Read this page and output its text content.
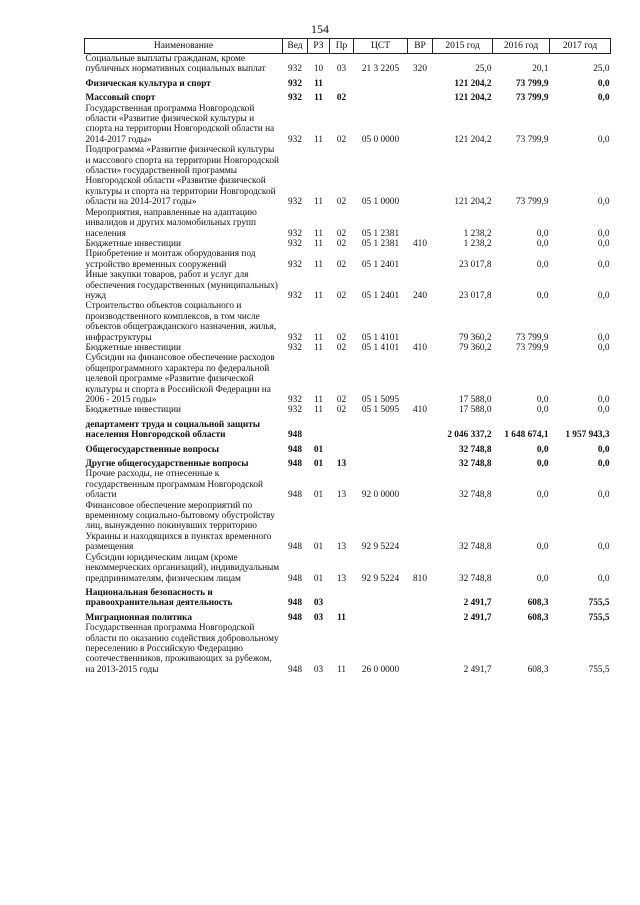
154
Наименование	Вед	РЗ	Пр	ЦСТ	ВР	2015 год	2016 год	2017 год
Социальные выплаты гражданам, кроме публичных нормативных социальных выплат	932	10	03	21 3 2205	320	25,0	20,1	25,0
Физическая культура и спорт	932	11				121 204,2	73 799,9	0,0
Массовый спорт	932	11	02			121 204,2	73 799,9	0,0
Государственная программа Новгородской области «Развитие физической культуры и спорта на территории Новгородской области на 2014-2017 годы»	932	11	02	05 0 0000		121 204,2	73 799,9	0,0
Подпрограмма «Развитие физической культуры и массового спорта на территории Новгородской области» государственной программы Новгородской области «Развитие физической культуры и спорта на территории Новгородской области на 2014-2017 годы»	932	11	02	05 1 0000		121 204,2	73 799,9	0,0
Мероприятия, направленные на адаптацию инвалидов и других маломобильных групп населения	932	11	02	05 1 2381		1 238,2	0,0	0,0
Бюджетные инвестиции	932	11	02	05 1 2381	410	1 238,2	0,0	0,0
Приобретение и монтаж оборудования под устройство временных сооружений	932	11	02	05 1 2401		23 017,8	0,0	0,0
Иные закупки товаров, работ и услуг для обеспечения государственных (муниципальных) нужд	932	11	02	05 1 2401	240	23 017,8	0,0	0,0
Строительство объектов социального и производственного комплексов, в том числе объектов общегражданского назначения, жилья, инфраструктуры	932	11	02	05 1 4101		79 360,2	73 799,9	0,0
Бюджетные инвестиции	932	11	02	05 1 4101	410	79 360,2	73 799,9	0,0
Субсидии на финансовое обеспечение расходов общепрограммного характера по федеральной целевой программе «Развитие физической культуры и спорта в Российской Федерации на 2006 - 2015 годы»	932	11	02	05 1 5095		17 588,0	0,0	0,0
Бюджетные инвестиции	932	11	02	05 1 5095	410	17 588,0	0,0	0,0
департамент труда и социальной защиты населения Новгородской области	948					2 046 337,2	1 648 674,1	1 957 943,3
Общегосударственные вопросы	948	01				32 748,8	0,0	0,0
Другие общегосударственные вопросы	948	01	13			32 748,8	0,0	0,0
Прочие расходы, не отнесенные к государственным программам Новгородской области	948	01	13	92 0 0000		32 748,8	0,0	0,0
Финансовое обеспечение мероприятий по временному социально-бытовому обустройству лиц, вынужденно покинувших территорию Украины и находящихся в пунктах временного размещения	948	01	13	92 9 5224		32 748,8	0,0	0,0
Субсидии юридическим лицам (кроме некоммерческих организаций), индивидуальным предпринимателям, физическим лицам	948	01	13	92 9 5224	810	32 748,8	0,0	0,0
Национальная безопасность и правоохранительная деятельность	948	03				2 491,7	608,3	755,5
Миграционная политика	948	03	11			2 491,7	608,3	755,5
Государственная программа Новгородской области по оказанию содействия добровольному переселению в Российскую Федерацию соотечественников, проживающих за рубежом, на 2013-2015 годы	948	03	11	26 0 0000		2 491,7	608,3	755,5
